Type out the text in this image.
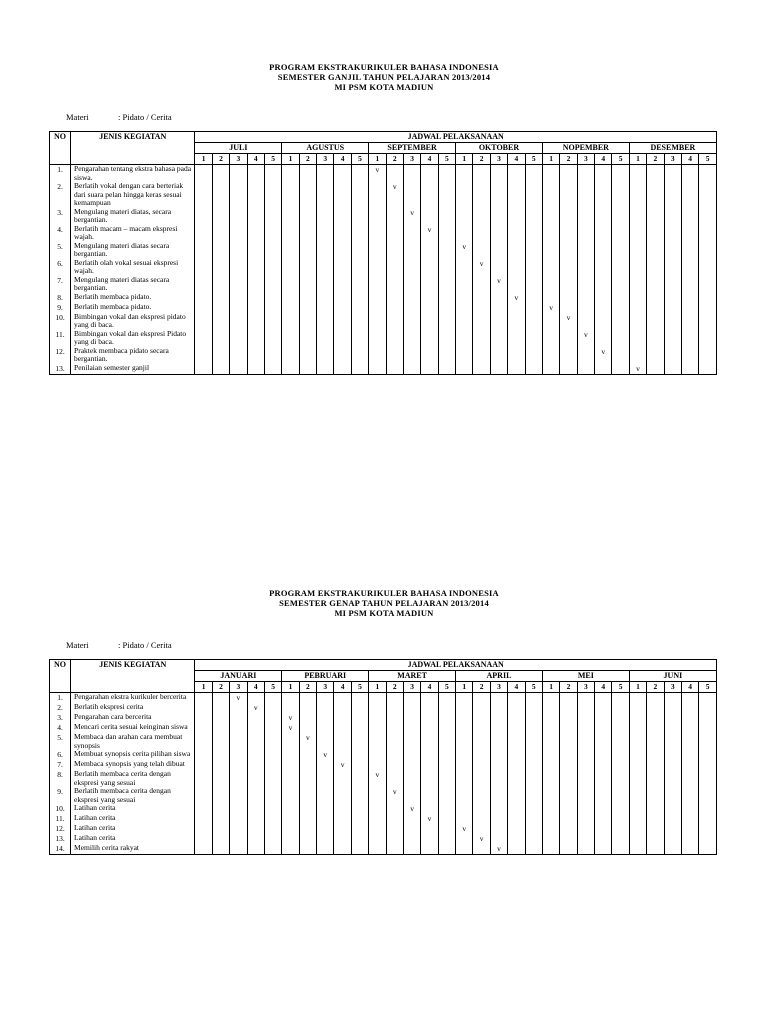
PROGRAM EKSTRAKURIKULER BAHASA INDONESIA
SEMESTER GANJIL TAHUN PELAJARAN 2013/2014
MI PSM KOTA MADIUN
Materi	: Pidato / Cerita
NO	JENIS KEGIATAN	JADWAL PELAKSANAAN																													
		JULI					AGUSTUS					SEPTEMBER					OKTOBER					NOPEMBER					DESEMBER				
		1	2	3	4	5	1	2	3	4	5	1	2	3	4	5	1	2	3	4	5	1	2	3	4	5	1	2	3	4	5
1.	Pengarahan tentang ekstra bahasa pada siswa.											v																			
2.	Berlatih vokal dengan cara berteriak dari suara pelan hingga keras sesuai kemampuan												v																		
3.	Mengulang materi diatas, secara bergantian.													v																	
4.	Berlatih macam – macam ekspresi wajah.														v																
5.	Mengulang materi diatas secara bergantian.																v														
6.	Berlatih olah vokal sesuai ekspresi wajah.																	v													
7.	Mengulang materi diatas secara bergantian.																		v												
8.	Berlatih membaca pidato.																			v											
9.	Berlatih membaca pidato.																					v									
10.	Bimbingan vokal dan ekspresi pidato yang di baca.																						v								
11.	Bimbingan vokal dan ekspresi Pidato yang di baca.																							v							
12.	Praktek membaca pidato secara bergantian.																								v						
13.	Penilaian semester ganjil																										v				
PROGRAM EKSTRAKURIKULER BAHASA INDONESIA
SEMESTER GENAP TAHUN PELAJARAN 2013/2014
MI PSM KOTA MADIUN
Materi	: Pidato / Cerita
NO	JENIS KEGIATAN	JADWAL PELAKSANAAN																													
		JANUARI					PEBRUARI					MARET					APRIL					MEI					JUNI				
		1	2	3	4	5	1	2	3	4	5	1	2	3	4	5	1	2	3	4	5	1	2	3	4	5	1	2	3	4	5
1.	Pengarahan ekstra kurikuler bercerita			v																											
2.	Berlatih ekspresi cerita				v																										
3.	Pengarahan cara bercerita						v																								
4.	Mencari cerita sesuai keinginan siswa						v																								
5.	Membaca dan arahan cara membuat synopsis							v																							
6.	Membuat synopsis cerita pilihan siswa								v																						
7.	Membaca synopsis yang telah dibuat									v																					
8.	Berlatih membaca cerita dengan ekspresi yang sesuai											v																			
9.	Berlatih membaca cerita dengan ekspresi yang sesuai												v																		
10.	Latihan cerita													v																	
11.	Latihan cerita														v																
12.	Latihan cerita																v														
13.	Latihan cerita																	v													
14.	Memilih cerita rakyat																		v												
